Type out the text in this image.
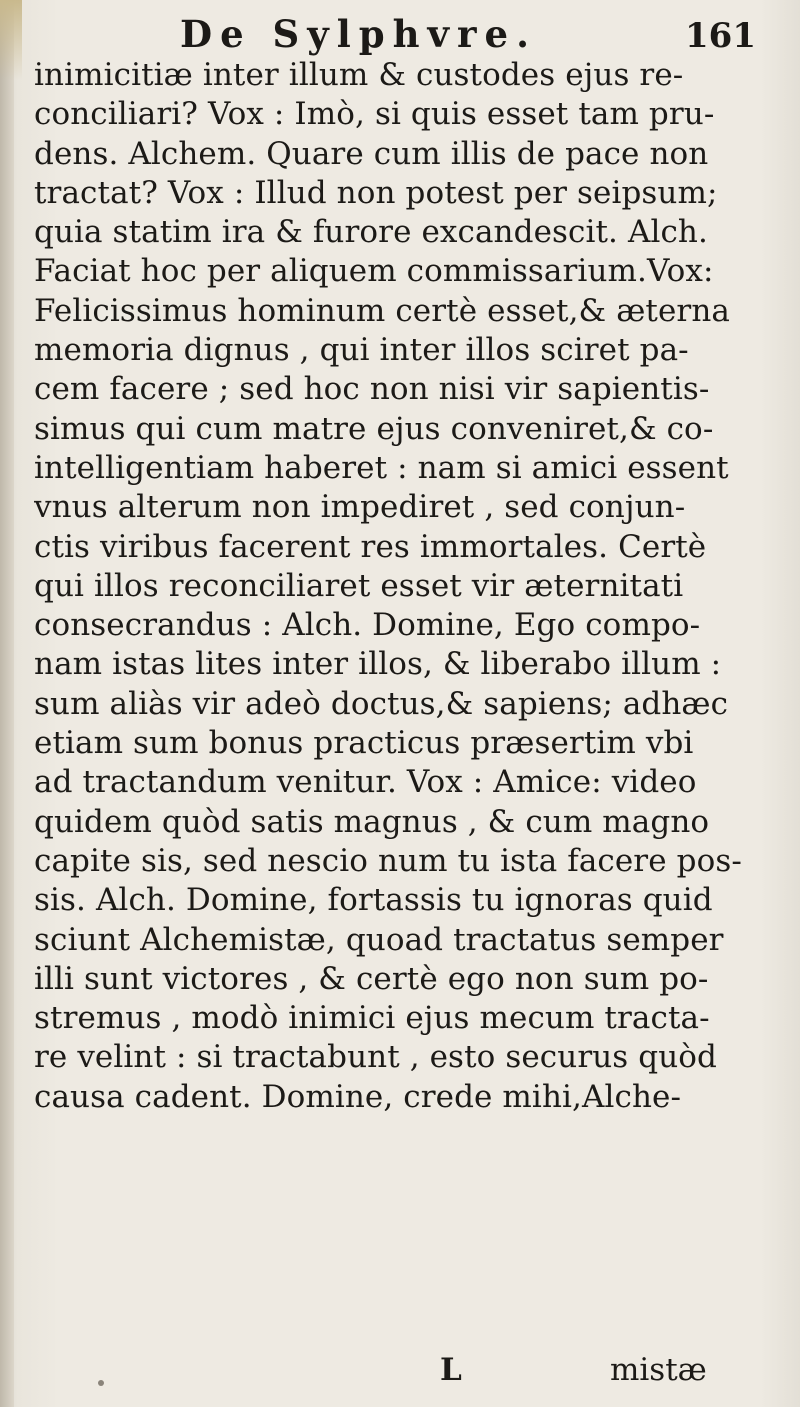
De Sylphvre.	161
inimicitiæ inter illum & custodes ejus re-
conciliari? Vox : Imò, si quis esset tam pru-
dens. Alchem. Quare cum illis de pace non
tractat? Vox : Illud non potest per seipsum;
quia statim ira & furore excandescit. Alch.
Faciat hoc per aliquem commissarium.Vox:
Felicissimus hominum certè esset,& æterna
memoria dignus , qui inter illos sciret pa-
cem facere ; sed hoc non nisi vir sapientis-
simus qui cum matre ejus conveniret,& co-
intelligentiam haberet : nam si amici essent
vnus alterum non impediret , sed conjun-
ctis viribus facerent res immortales. Certè
qui illos reconciliaret esset vir æternitati
consecrandus : Alch. Domine, Ego compo-
nam istas lites inter illos, & liberabo illum :
sum aliàs vir adeò doctus,& sapiens; adhæc
etiam sum bonus practicus præsertim vbi
ad tractandum venitur. Vox : Amice: video
quidem quòd satis magnus , & cum magno
capite sis, sed nescio num tu ista facere pos-
sis. Alch. Domine, fortassis tu ignoras quid
sciunt Alchemistæ, quoad tractatus semper
illi sunt victores , & certè ego non sum po-
stremus , modò inimici ejus mecum tracta-
re velint : si tractabunt , esto securus quòd
causa cadent. Domine, crede mihi,Alche-
L	mistæ
